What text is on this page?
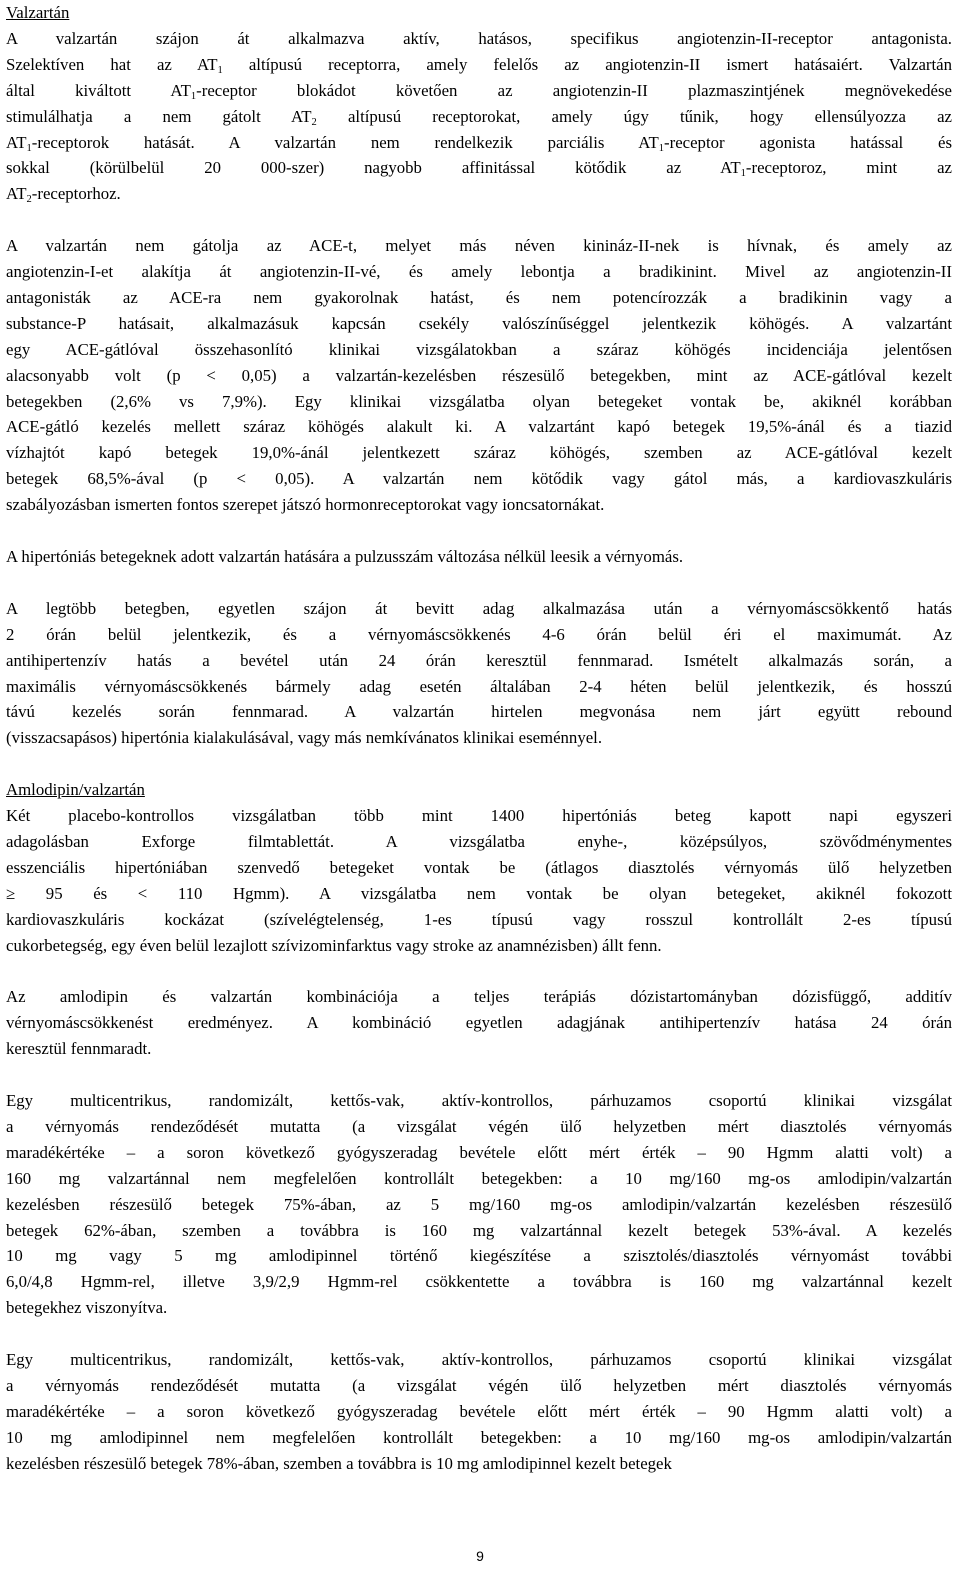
Valzartán
A valzartán szájon át alkalmazva aktív, hatásos, specifikus angiotenzin-II-receptor antagonista.
Szelektíven hat az $AT_1$ altípusú receptorra, amely felelős az angiotenzin-II ismert hatásaiért. Valzartán
által kiváltott $AT_1$-receptor blokádot követően az angiotenzin-II plazmaszintjének megnövekedése
stimulálhatja a nem gátolt $AT_2$ altípusú receptorokat, amely úgy tűnik, hogy ellensúlyozza az
$AT_1$-receptorok hatását. A valzartán nem rendelkezik parciális $AT_1$-receptor agonista hatással és
sokkal (körülbelül 20 000-szer) nagyobb affinitással kötődik az $AT_1$-receptoroz, mint az
$AT_2$-receptorhoz.
A valzartán nem gátolja az ACE-t, melyet más néven kinináz-II-nek is hívnak, és amely az
angiotenzin-I-et alakítja át angiotenzin-II-vé, és amely lebontja a bradikinint. Mivel az angiotenzin-II
antagonisták az ACE-ra nem gyakorolnak hatást, és nem potencírozzák a bradikinin vagy a
substance-P hatásait, alkalmazásuk kapcsán csekély valószínűséggel jelentkezik köhögés. A valzartánt
egy ACE-gátlóval összehasonlító klinikai vizsgálatokban a száraz köhögés incidenciája jelentősen
alacsonyabb volt (p < 0,05) a valzartán-kezelésben részesülő betegekben, mint az ACE-gátlóval kezelt
betegekben (2,6% vs 7,9%). Egy klinikai vizsgálatba olyan betegeket vontak be, akiknél korábban
ACE-gátló kezelés mellett száraz köhögés alakult ki. A valzartánt kapó betegek 19,5%-ánál és a tiazid
vízhajtót kapó betegek 19,0%-ánál jelentkezett száraz köhögés, szemben az ACE-gátlóval kezelt
betegek 68,5%-ával (p < 0,05). A valzartán nem kötődik vagy gátol más, a kardiovaszkuláris
szabályozásban ismerten fontos szerepet játszó hormonreceptorokat vagy ioncsatornákat.
A hipertóniás betegeknek adott valzartán hatására a pulzusszám változása nélkül leesik a vérnyomás.
A legtöbb betegben, egyetlen szájon át bevitt adag alkalmazása után a vérnyomáscsökkentő hatás
2 órán belül jelentkezik, és a vérnyomáscsökkenés 4-6 órán belül éri el maximumát. Az
antihipertenzív hatás a bevétel után 24 órán keresztül fennmarad. Ismételt alkalmazás során, a
maximális vérnyomáscsökkenés bármely adag esetén általában 2-4 héten belül jelentkezik, és hosszú
távú kezelés során fennmarad. A valzartán hirtelen megvonása nem járt együtt rebound
(visszacsapásos) hipertónia kialakulásával, vagy más nemkívánatos klinikai eseménnyel.
Amlodipin/valzartán
Két placebo-kontrollos vizsgálatban több mint 1400 hipertóniás beteg kapott napi egyszeri
adagolásban Exforge filmtablettát. A vizsgálatba enyhe-, középsúlyos, szövődménymentes
esszenciális hipertóniában szenvedő betegeket vontak be (átlagos diasztolés vérnyomás ülő helyzetben
≥ 95 és < 110 Hgmm). A vizsgálatba nem vontak be olyan betegeket, akiknél fokozott
kardiovaszkuláris kockázat (szívelégtelenség, 1-es típusú vagy rosszul kontrollált 2-es típusú
cukorbetegség, egy éven belül lezajlott szívizominfarktus vagy stroke az anamnézisben) állt fenn.
Az amlodipin és valzartán kombinációja a teljes terápiás dózistartományban dózisfüggő, additív
vérnyomáscsökkenést eredményez. A kombináció egyetlen adagjának antihipertenzív hatása 24 órán
keresztül fennmaradt.
Egy multicentrikus, randomizált, kettős-vak, aktív-kontrollos, párhuzamos csoportú klinikai vizsgálat
a vérnyomás rendeződését mutatta (a vizsgálat végén ülő helyzetben mért diasztolés vérnyomás
maradékértéke – a soron következő gyógyszeradag bevétele előtt mért érték – 90 Hgmm alatti volt) a
160 mg valzartánnal nem megfelelően kontrollált betegekben: a 10 mg/160 mg-os amlodipin/valzartán
kezelésben részesülő betegek 75%-ában, az 5 mg/160 mg-os amlodipin/valzartán kezelésben részesülő
betegek 62%-ában, szemben a továbbra is 160 mg valzartánnal kezelt betegek 53%-ával. A kezelés
10 mg vagy 5 mg amlodipinnel történő kiegészítése a szisztolés/diasztolés vérnyomást további
6,0/4,8 Hgmm-rel, illetve 3,9/2,9 Hgmm-rel csökkentette a továbbra is 160 mg valzartánnal kezelt
betegekhez viszonyítva.
Egy multicentrikus, randomizált, kettős-vak, aktív-kontrollos, párhuzamos csoportú klinikai vizsgálat
a vérnyomás rendeződését mutatta (a vizsgálat végén ülő helyzetben mért diasztolés vérnyomás
maradékértéke – a soron következő gyógyszeradag bevétele előtt mért érték – 90 Hgmm alatti volt) a
10 mg amlodipinnel nem megfelelően kontrollált betegekben: a 10 mg/160 mg-os amlodipin/valzartán
kezelésben részesülő betegek 78%-ában, szemben a továbbra is 10 mg amlodipinnel kezelt betegek
9
